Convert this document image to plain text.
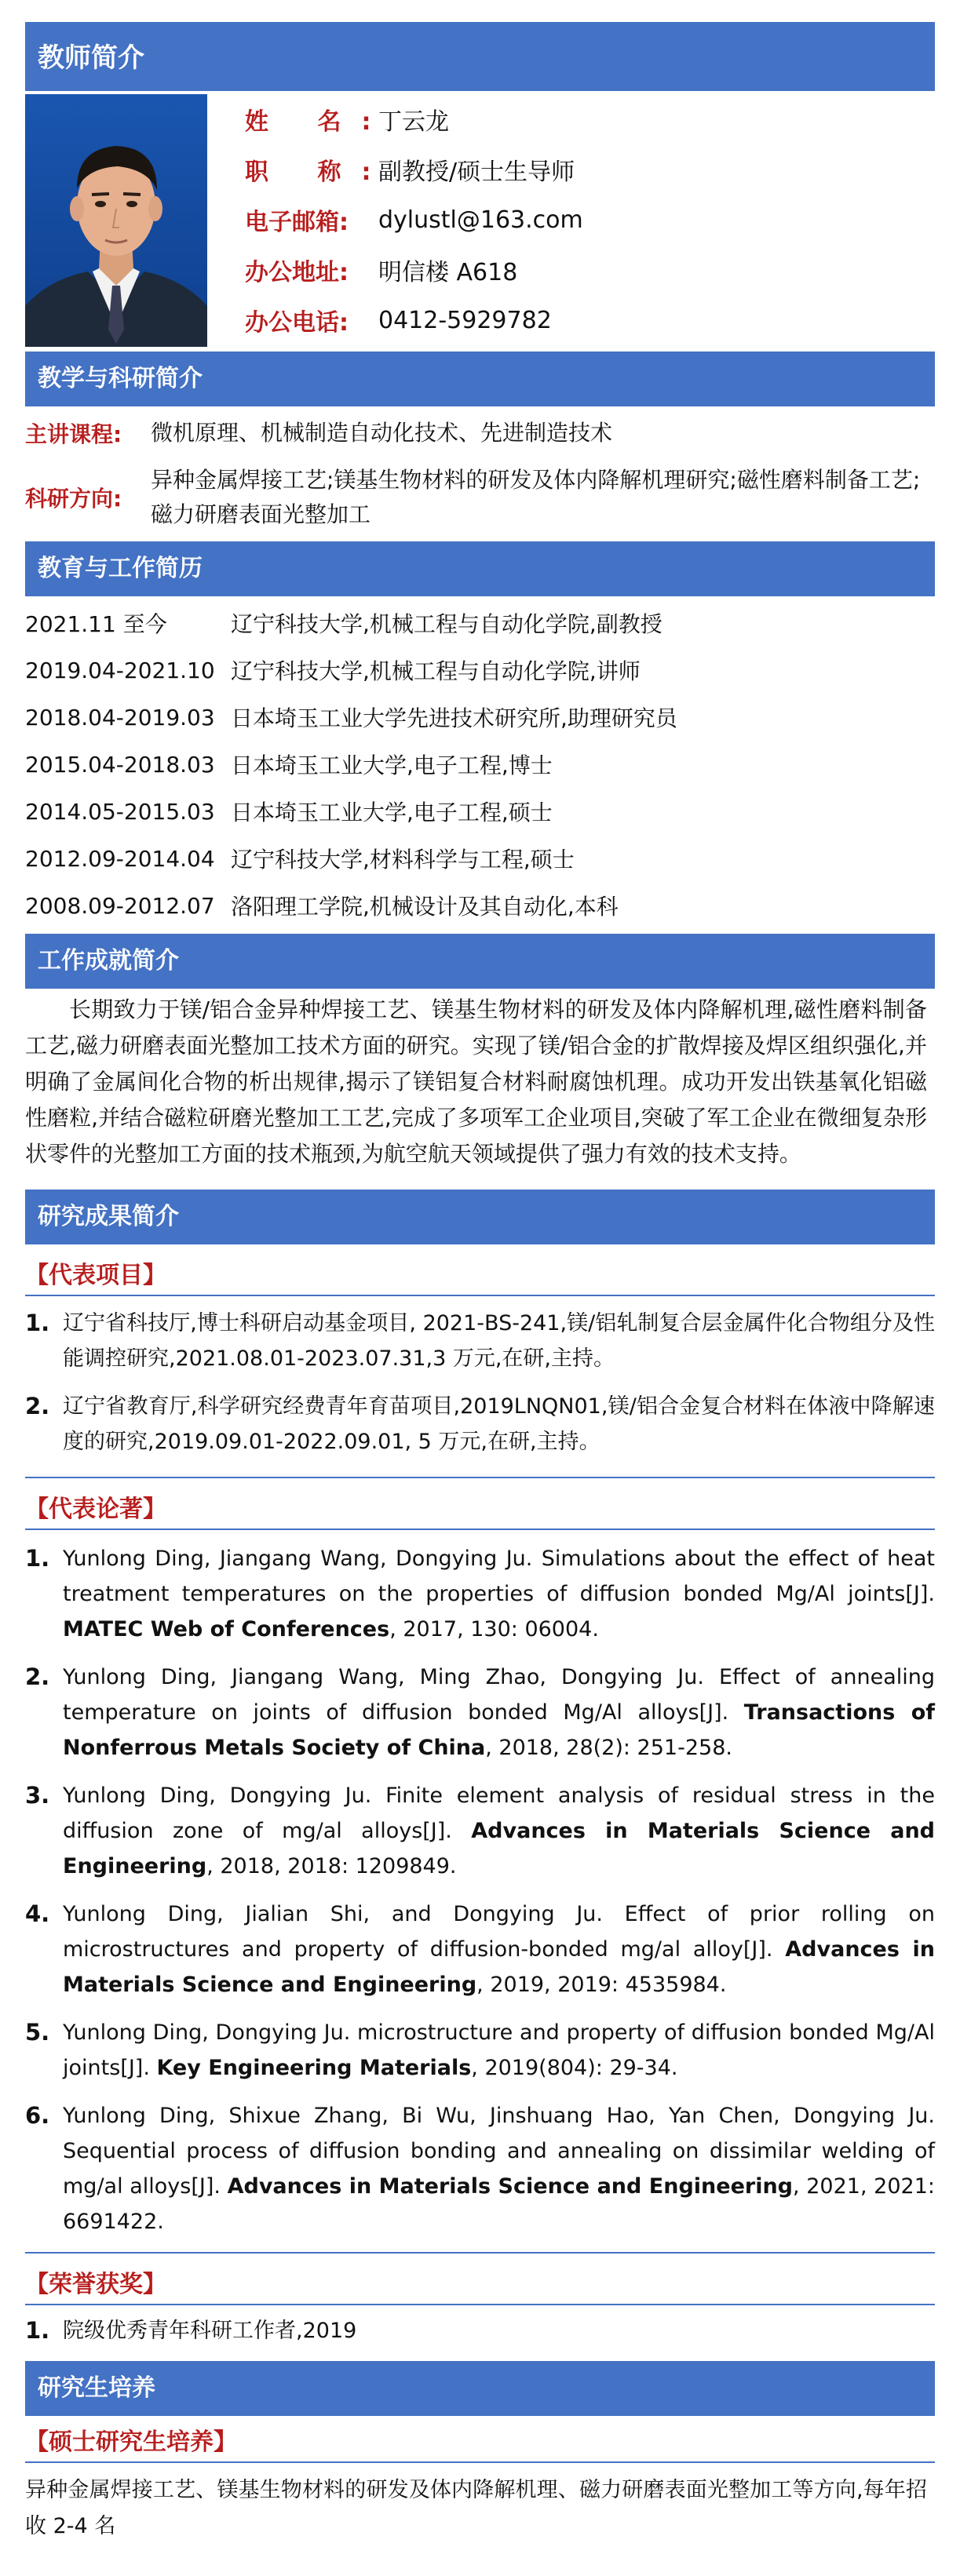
教师简介
姓 名:
丁云龙
职 称:
副教授/硕士生导师
电子邮箱:	dylustl@163.com
办公地址:	明信楼 A618
办公电话:	0412-5929782
教学与科研简介
主讲课程:	微机原理、机械制造自动化技术、先进制造技术
科研方向:
异种金属焊接工艺;镁基生物材料的研发及体内降解机理研究;磁性磨料制备工艺;磁力研磨表面光整加工
教育与工作简历
2021.11 至今	辽宁科技大学,机械工程与自动化学院,副教授
2019.04-2021.10 辽宁科技大学,机械工程与自动化学院,讲师
2018.04-2019.03 日本埼玉工业大学先进技术研究所,助理研究员
2015.04-2018.03 日本埼玉工业大学,电子工程,博士
2014.05-2015.03 日本埼玉工业大学,电子工程,硕士
2012.09-2014.04 辽宁科技大学,材料科学与工程,硕士
2008.09-2012.07 洛阳理工学院,机械设计及其自动化,本科
工作成就简介

长期致力于镁/铝合金异种焊接工艺、镁基生物材料的研发及体内降解机理,磁性磨料制备工艺,磁力研磨表面光整加工技术方面的研究。实现了镁/铝合金的扩散焊接及焊区组织强化,并明确了金属间化合物的析出规律,揭示了镁铝复合材料耐腐蚀机理。成功开发出铁基氧化铝磁性磨粒,并结合磁粒研磨光整加工工艺,完成了多项军工企业项目,突破了军工企业在微细复杂形状零件的光整加工方面的技术瓶颈,为航空航天领域提供了强力有效的技术支持。

研究成果简介
【代表项目】
1. 辽宁省科技厅,博士科研启动基金项目, 2021-BS-241,镁/铝轧制复合层金属件化合物组分及性能调控研究,2021.08.01-2023.07.31,3 万元,在研,主持。
2. 辽宁省教育厅,科学研究经费青年育苗项目,2019LNQN01,镁/铝合金复合材料在体液中降解速度的研究,2019.09.01-2022.09.01, 5 万元,在研,主持。
【代表论著】
1. Yunlong Ding, Jiangang Wang, Dongying Ju. Simulations about the effect of heat treatment temperatures on the properties of diffusion bonded Mg/Al joints[J]. MATEC Web of Conferences, 2017, 130: 06004.
2. Yunlong Ding, Jiangang Wang, Ming Zhao, Dongying Ju. Effect of annealing temperature on joints of diffusion bonded Mg/Al alloys[J]. Transactions of Nonferrous Metals Society of China, 2018, 28(2): 251-258.
3. Yunlong Ding, Dongying Ju. Finite element analysis of residual stress in the diffusion zone of mg/al alloys[J]. Advances in Materials Science and Engineering, 2018, 2018: 1209849.
4. Yunlong Ding, Jialian Shi, and Dongying Ju. Effect of prior rolling on microstructures and property of diffusion-bonded mg/al alloy[J]. Advances in Materials Science and Engineering, 2019, 2019: 4535984.
5. Yunlong Ding, Dongying Ju. microstructure and property of diffusion bonded Mg/Al joints[J]. Key Engineering Materials, 2019(804): 29-34.
6. Yunlong Ding, Shixue Zhang, Bi Wu, Jinshuang Hao, Yan Chen, Dongying Ju. Sequential process of diffusion bonding and annealing on dissimilar welding of mg/al alloys[J]. Advances in Materials Science and Engineering, 2021, 2021: 6691422.
【荣誉获奖】
1. 院级优秀青年科研工作者,2019
研究生培养
【硕士研究生培养】

异种金属焊接工艺、镁基生物材料的研发及体内降解机理、磁力研磨表面光整加工等方向,每年招收 2-4 名
